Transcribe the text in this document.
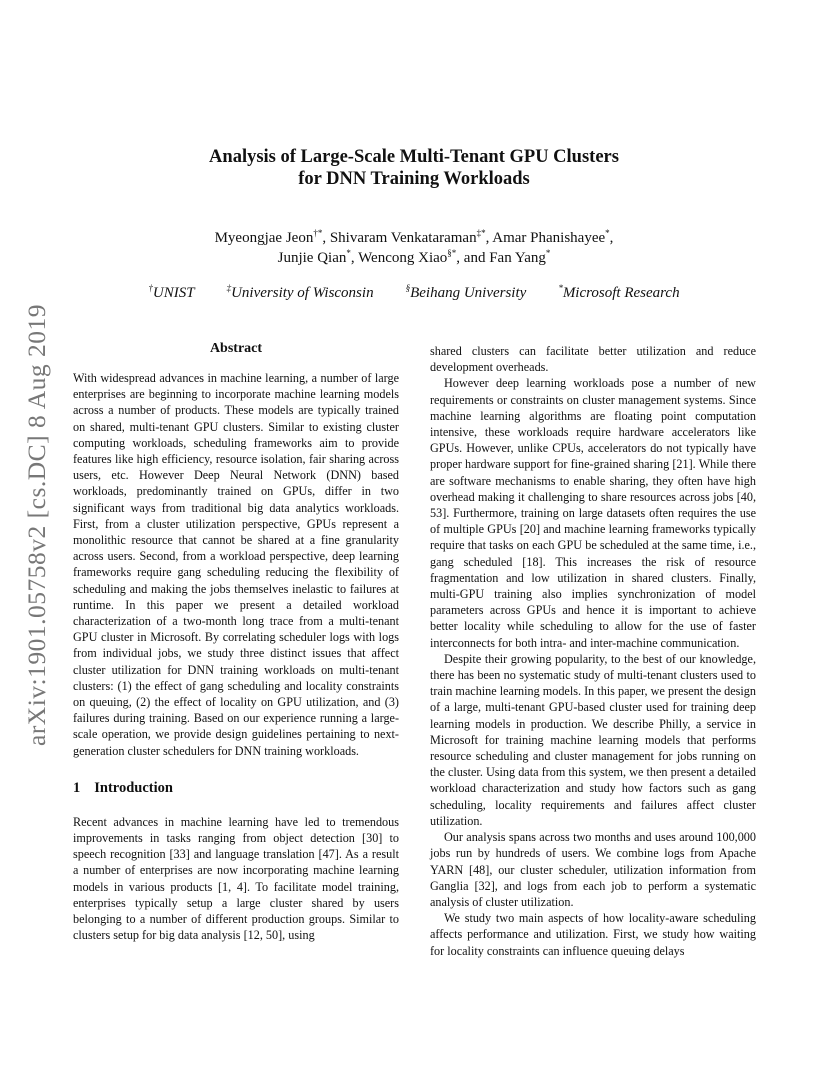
arXiv:1901.05758v2 [cs.DC] 8 Aug 2019
Analysis of Large-Scale Multi-Tenant GPU Clusters
for DNN Training Workloads
Myeongjae Jeon†*, Shivaram Venkataraman‡*, Amar Phanishayee*,
Junjie Qian*, Wencong Xiao§*, and Fan Yang*
†UNIST	‡University of Wisconsin	§Beihang University	*Microsoft Research
Abstract

With widespread advances in machine learning, a number of large enterprises are beginning to incorporate machine learning models across a number of products. These models are typically trained on shared, multi-tenant GPU clusters. Similar to existing cluster computing workloads, scheduling frameworks aim to provide features like high efficiency, resource isolation, fair sharing across users, etc. However Deep Neural Network (DNN) based workloads, predominantly trained on GPUs, differ in two significant ways from traditional big data analytics workloads. First, from a cluster utilization perspective, GPUs represent a monolithic resource that cannot be shared at a fine granularity across users. Second, from a workload perspective, deep learning frameworks require gang scheduling reducing the flexibility of scheduling and making the jobs themselves inelastic to failures at runtime. In this paper we present a detailed workload characterization of a two-month long trace from a multi-tenant GPU cluster in Microsoft. By correlating scheduler logs with logs from individual jobs, we study three distinct issues that affect cluster utilization for DNN training workloads on multi-tenant clusters: (1) the effect of gang scheduling and locality constraints on queuing, (2) the effect of locality on GPU utilization, and (3) failures during training. Based on our experience running a large-scale operation, we provide design guidelines pertaining to next-generation cluster schedulers for DNN training workloads.

1 Introduction

Recent advances in machine learning have led to tremendous improvements in tasks ranging from object detection [30] to speech recognition [33] and language translation [47]. As a result a number of enterprises are now incorporating machine learning models in various products [1, 4]. To facilitate model training, enterprises typically setup a large cluster shared by users belonging to a number of different production groups. Similar to clusters setup for big data analysis [12, 50], using

shared clusters can facilitate better utilization and reduce development overheads.

However deep learning workloads pose a number of new requirements or constraints on cluster management systems. Since machine learning algorithms are floating point computation intensive, these workloads require hardware accelerators like GPUs. However, unlike CPUs, accelerators do not typically have proper hardware support for fine-grained sharing [21]. While there are software mechanisms to enable sharing, they often have high overhead making it challenging to share resources across jobs [40, 53]. Furthermore, training on large datasets often requires the use of multiple GPUs [20] and machine learning frameworks typically require that tasks on each GPU be scheduled at the same time, i.e., gang scheduled [18]. This increases the risk of resource fragmentation and low utilization in shared clusters. Finally, multi-GPU training also implies synchronization of model parameters across GPUs and hence it is important to achieve better locality while scheduling to allow for the use of faster interconnects for both intra- and inter-machine communication.

Despite their growing popularity, to the best of our knowledge, there has been no systematic study of multi-tenant clusters used to train machine learning models. In this paper, we present the design of a large, multi-tenant GPU-based cluster used for training deep learning models in production. We describe Philly, a service in Microsoft for training machine learning models that performs resource scheduling and cluster management for jobs running on the cluster. Using data from this system, we then present a detailed workload characterization and study how factors such as gang scheduling, locality requirements and failures affect cluster utilization.

Our analysis spans across two months and uses around 100,000 jobs run by hundreds of users. We combine logs from Apache YARN [48], our cluster scheduler, utilization information from Ganglia [32], and logs from each job to perform a systematic analysis of cluster utilization.

We study two main aspects of how locality-aware scheduling affects performance and utilization. First, we study how waiting for locality constraints can influence queuing delays
